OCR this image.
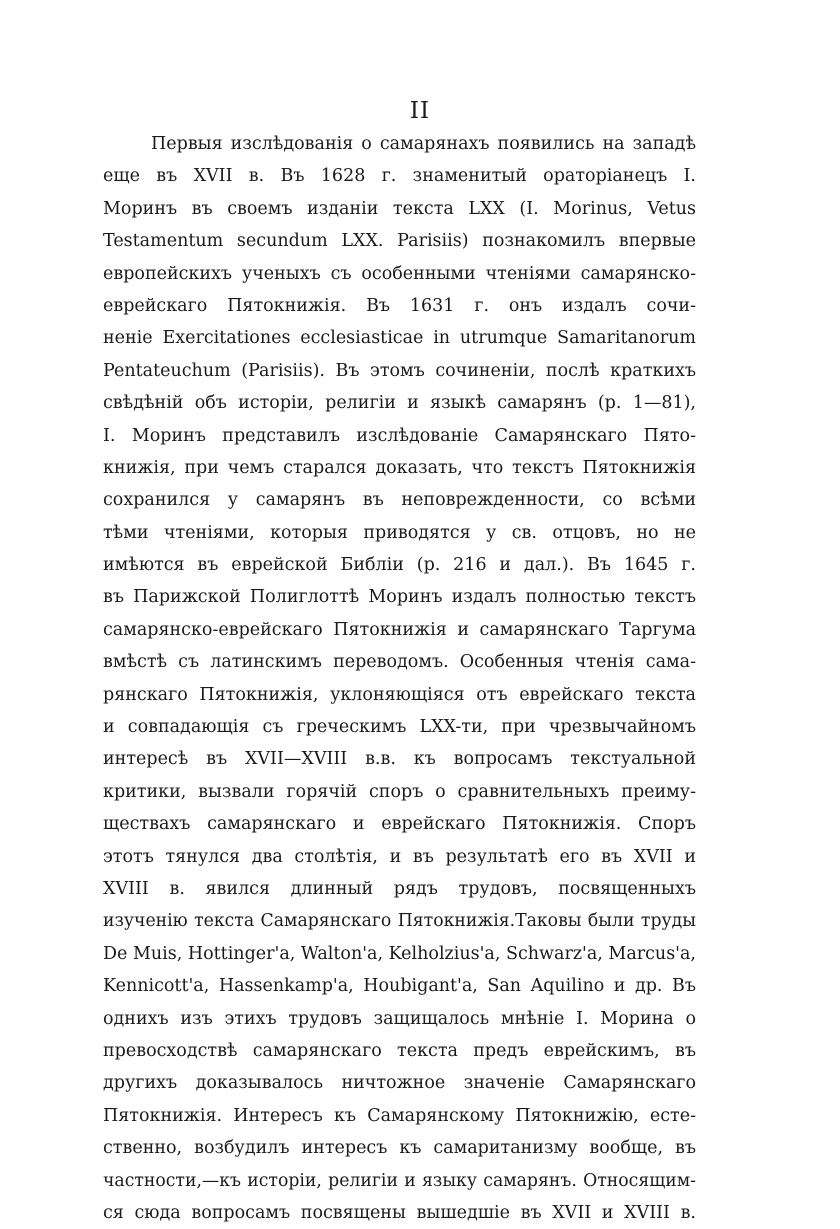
II
Первыя изслѣдованія о самарянахъ появились на западѣ
еще въ XVII в. Въ 1628 г. знаменитый ораторіанецъ I.
Моринъ въ своемъ изданіи текста LXX (I. Morinus, Vetus
Testamentum secundum LXX. Parisiis) познакомилъ впервые
европейскихъ ученыхъ съ особенными чтеніями самарянско-
еврейскаго Пятокнижія. Въ 1631 г. онъ издалъ сочи-
неніе Exercitationes ecclesiasticae in utrumque Samaritanorum
Pentateuchum (Parisiis). Въ этомъ сочиненіи, послѣ краткихъ
свѣдѣній объ исторіи, религіи и языкѣ самарянъ (р. 1—81),
I. Моринъ представилъ изслѣдованіе Самарянскаго Пято-
книжія, при чемъ старался доказать, что текстъ Пятокнижія
сохранился у самарянъ въ неповрежденности, со всѣми
тѣми чтеніями, которыя приводятся у св. отцовъ, но не
имѣются въ еврейской Библіи (р. 216 и дал.). Въ 1645 г.
въ Парижской Полиглоттѣ Моринъ издалъ полностью текстъ
самарянско-еврейскаго Пятокнижія и самарянскаго Таргума
вмѣстѣ съ латинскимъ переводомъ. Особенныя чтенія сама-
рянскаго Пятокнижія, уклоняющіяся отъ еврейскаго текста
и совпадающія съ греческимъ LXX-ти, при чрезвычайномъ
интересѣ въ XVII—XVIII в.в. къ вопросамъ текстуальной
критики, вызвали горячій споръ о сравнительныхъ преиму-
ществахъ самарянскаго и еврейскаго Пятокнижія. Споръ
этотъ тянулся два столѣтія, и въ результатѣ его въ XVII и
XVIII в. явился длинный рядъ трудовъ, посвященныхъ
изученію текста Самарянскаго Пятокнижія.Таковы были труды
De Muis, Hottinger'a, Walton'a, Kelholzius'a, Schwarz'a, Marcus'a,
Kennicott'a, Hassenkamp'a, Houbigant'a, San Aquilino и др. Въ
однихъ изъ этихъ трудовъ защищалось мнѣніе I. Морина о
превосходствѣ самарянскаго текста предъ еврейскимъ, въ
другихъ доказывалось ничтожное значеніе Самарянскаго
Пятокнижія. Интересъ къ Самарянскому Пятокнижію, есте-
ственно, возбудилъ интересъ къ самаританизму вообще, въ
частности,—къ исторіи, религіи и языку самарянъ. Относящим-
ся сюда вопросамъ посвящены вышедшіе въ XVII и XVIII в.
